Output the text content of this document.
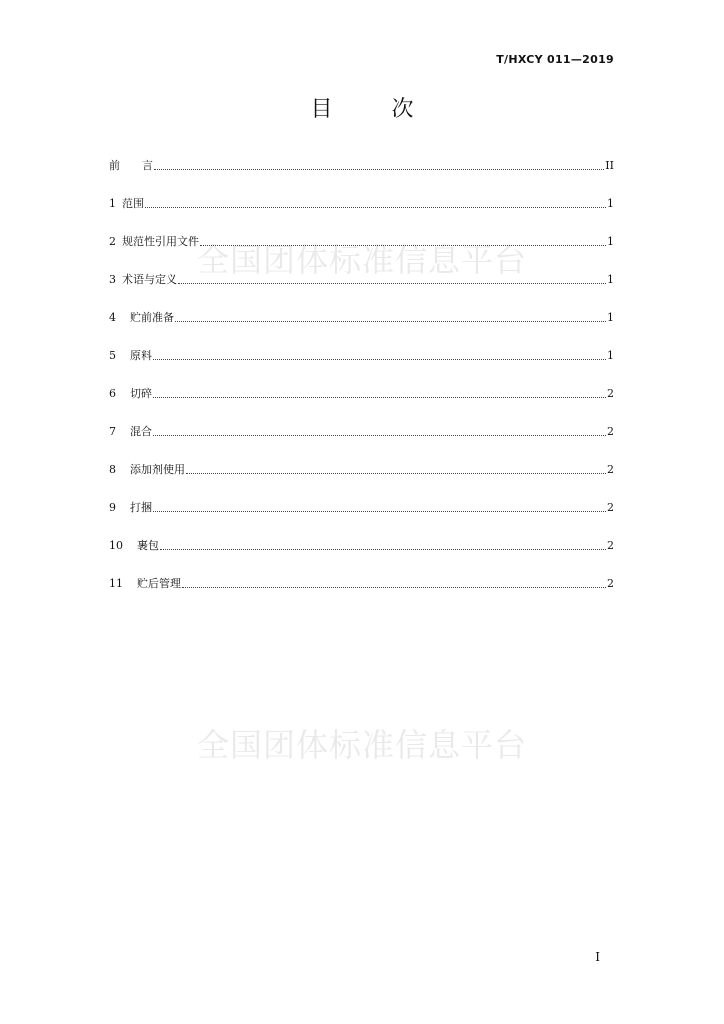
全国团体标准信息平台
全国团体标准信息平台
T/HXCY 011—2019
目 次
前 言	II
1 范围	1
2 规范性引用文件	1
3 术语与定义	1
4 贮前准备	1
5 原料	1
6 切碎	2
7 混合	2
8 添加剂使用	2
9 打捆	2
10 裹包	2
11 贮后管理	2
I
